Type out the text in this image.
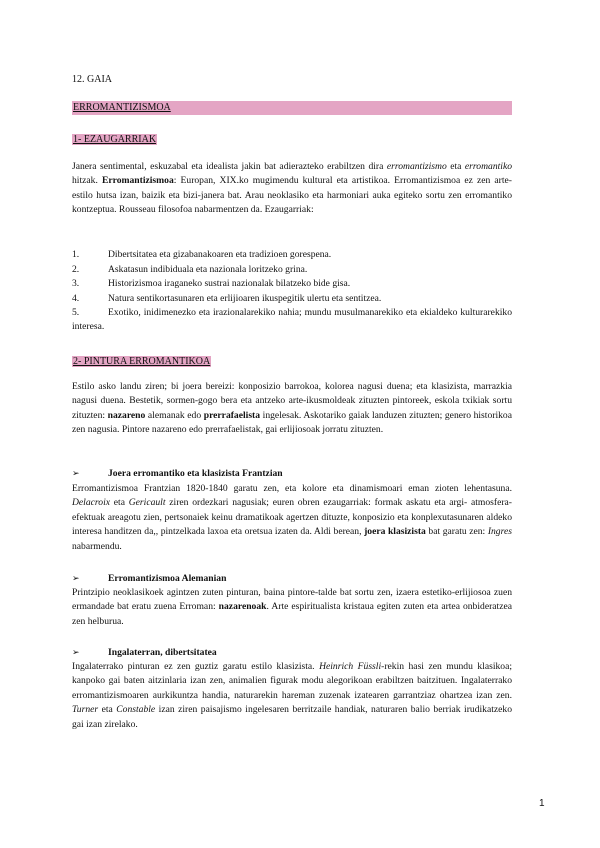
12. GAIA
ERROMANTIZISMOA
1- EZAUGARRIAK

Janera sentimental, eskuzabal eta idealista jakin bat adierazteko erabiltzen dira erromantizismo eta erromantiko hitzak. Erromantizismoa: Europan, XIX.ko mugimendu kultural eta artistikoa. Erromantizismoa ez zen arte-estilo hutsa izan, baizik eta bizi-janera bat. Arau neoklasiko eta harmoniari auka egiteko sortu zen erromantiko kontzeptua. Rousseau filosofoa nabarmentzen da. Ezaugarriak:

1.	Dibertsitatea eta gizabanakoaren eta tradizioen gorespena.
2.	Askatasun indibiduala eta nazionala loritzeko grina.
3.	Historizismoa iraganeko sustrai nazionalak bilatzeko bide gisa.
4.	Natura sentikortasunaren eta erlijioaren ikuspegitik ulertu eta sentitzea.
5.	Exotiko, inidimenezko eta irazionalarekiko nahia; mundu musulmanarekiko eta ekialdeko kulturarekiko interesa.
2- PINTURA ERROMANTIKOA

Estilo asko landu ziren; bi joera bereizi: konposizio barrokoa, kolorea nagusi duena; eta klasizista, marrazkia nagusi duena. Bestetik, sormen-gogo bera eta antzeko arte-ikusmoldeak zituzten pintoreek, eskola txikiak sortu zituzten: nazareno alemanak edo prerrafaelista ingelesak. Askotariko gaiak landuzen zituzten; genero historikoa zen nagusia. Pintore nazareno edo prerrafaelistak, gai erlijiosoak jorratu zituzten.

➢	Joera erromantiko eta klasizista Frantzian

Erromantizismoa Frantzian 1820-1840 garatu zen, eta kolore eta dinamismoari eman zioten lehentasuna. Delacroix eta Gericault ziren ordezkari nagusiak; euren obren ezaugarriak: formak askatu eta argi- atmosfera-efektuak areagotu zien, pertsonaiek keinu dramatikoak agertzen dituzte, konposizio eta konplexutasunaren aldeko interesa handitzen da,, pintzelkada laxoa eta oretsua izaten da. Aldi berean, joera klasizista bat garatu zen: Ingres nabarmendu.

➢	Erromantizismoa Alemanian

Printzipio neoklasikoek agintzen zuten pinturan, baina pintore-talde bat sortu zen, izaera estetiko-erlijiosoa zuen ermandade bat eratu zuena Erroman: nazarenoak. Arte espiritualista kristaua egiten zuten eta artea onbideratzea zen helburua.

➢	Ingalaterran, dibertsitatea

Ingalaterrako pinturan ez zen guztiz garatu estilo klasizista. Heinrich Füssli-rekin hasi zen mundu klasikoa; kanpoko gai baten aitzinlaria izan zen, animalien figurak modu alegorikoan erabiltzen baitzituen. Ingalaterrako erromantizismoaren aurkikuntza handia, naturarekin hareman zuzenak izatearen garrantziaz ohartzea izan zen. Turner eta Constable izan ziren paisajismo ingelesaren berritzaile handiak, naturaren balio berriak irudikatzeko gai izan zirelako.

1
